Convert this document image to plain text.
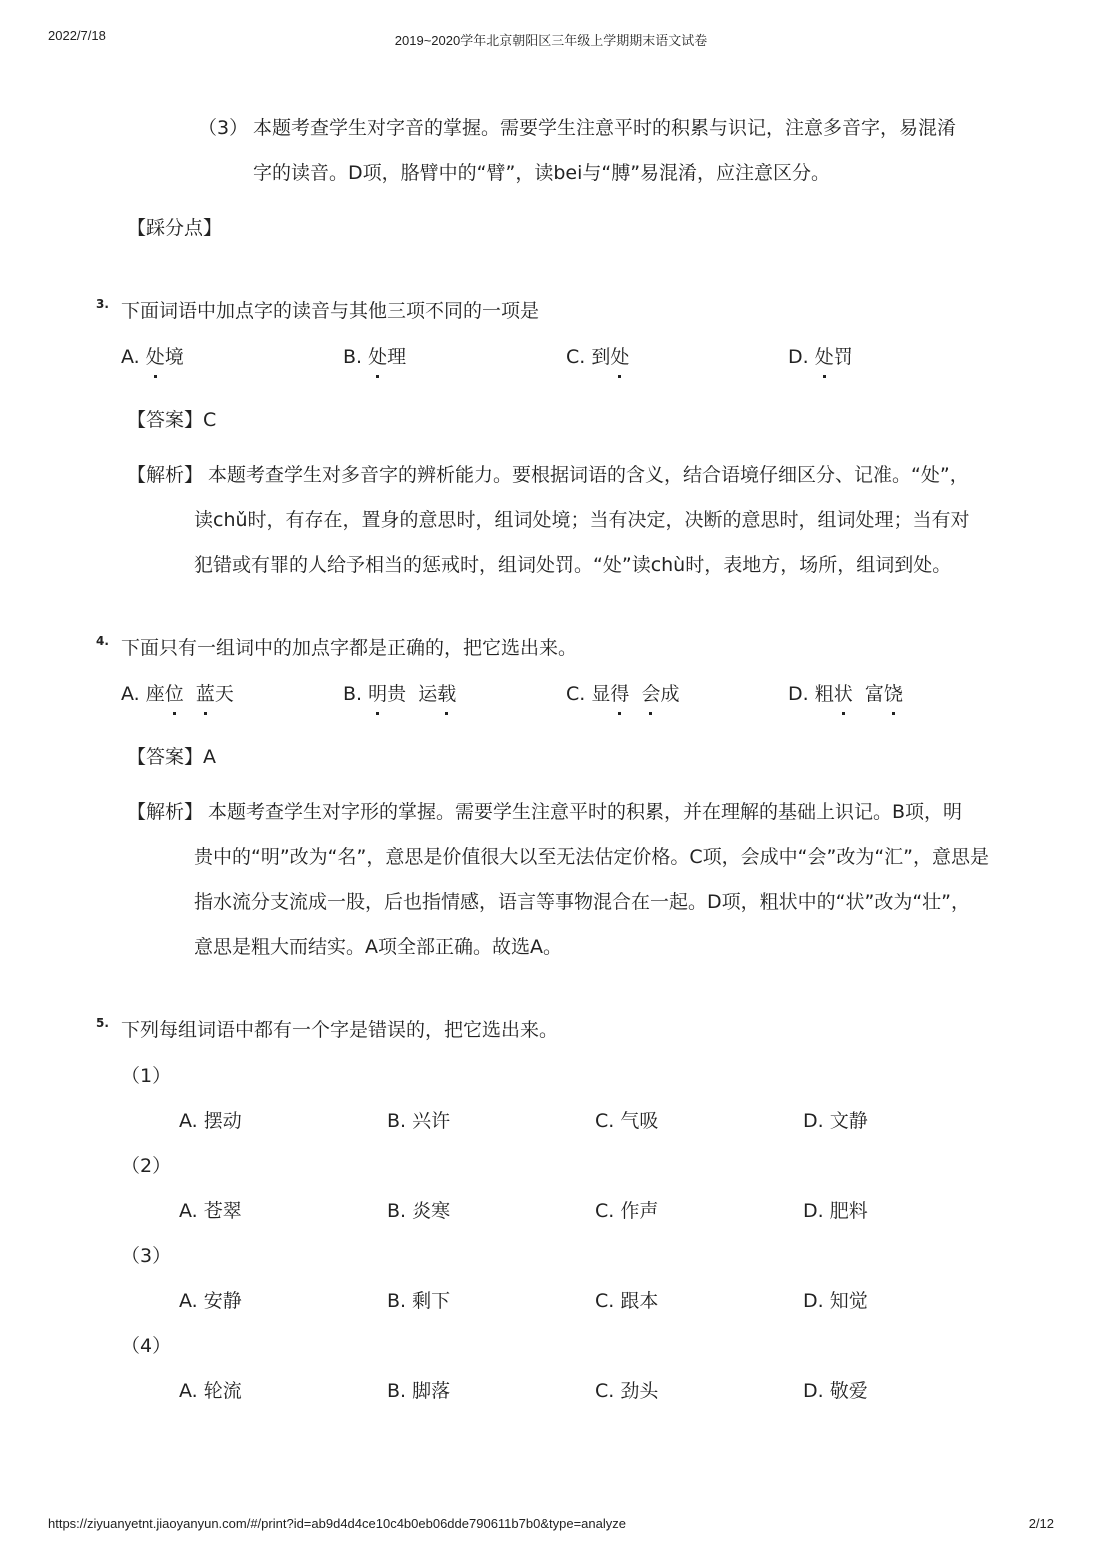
2022/7/18	2019~2020学年北京朝阳区三年级上学期期末语文试卷
（3） 本题考查学生对字音的掌握。需要学生注意平时的积累与识记，注意多音字，易混淆
字的读音。D项，胳臂中的“臂”，读bei与“膊”易混淆，应注意区分。
【踩分点】
3. 下面词语中加点字的读音与其他三项不同的一项是
A. 处境	B. 处理	C. 到处	D. 处罚
【答案】C
【解析】 本题考查学生对多音字的辨析能力。要根据词语的含义，结合语境仔细区分、记准。“处”，
读chǔ时，有存在，置身的意思时，组词处境；当有决定，决断的意思时，组词处理；当有对
犯错或有罪的人给予相当的惩戒时，组词处罚。“处”读chù时，表地方，场所，组词到处。
4. 下面只有一组词中的加点字都是正确的，把它选出来。
A. 座位 蓝天	B. 明贵 运载	C. 显得 会成	D. 粗状 富饶
【答案】A
【解析】 本题考查学生对字形的掌握。需要学生注意平时的积累，并在理解的基础上识记。B项，明
贵中的“明”改为“名”，意思是价值很大以至无法估定价格。C项，会成中“会”改为“汇”，意思是
指水流分支流成一股，后也指情感，语言等事物混合在一起。D项，粗状中的“状”改为“壮”，
意思是粗大而结实。A项全部正确。故选A。
5. 下列每组词语中都有一个字是错误的，把它选出来。
（1）
A. 摆动	B. 兴许	C. 气吸	D. 文静
（2）
A. 苍翠	B. 炎寒	C. 作声	D. 肥料
（3）
A. 安静	B. 剩下	C. 跟本	D. 知觉
（4）
A. 轮流	B. 脚落	C. 劲头	D. 敬爱
https://ziyuanyetnt.jiaoyanyun.com/#/print?id=ab9d4d4ce10c4b0eb06dde790611b7b0&type=analyze	2/12
